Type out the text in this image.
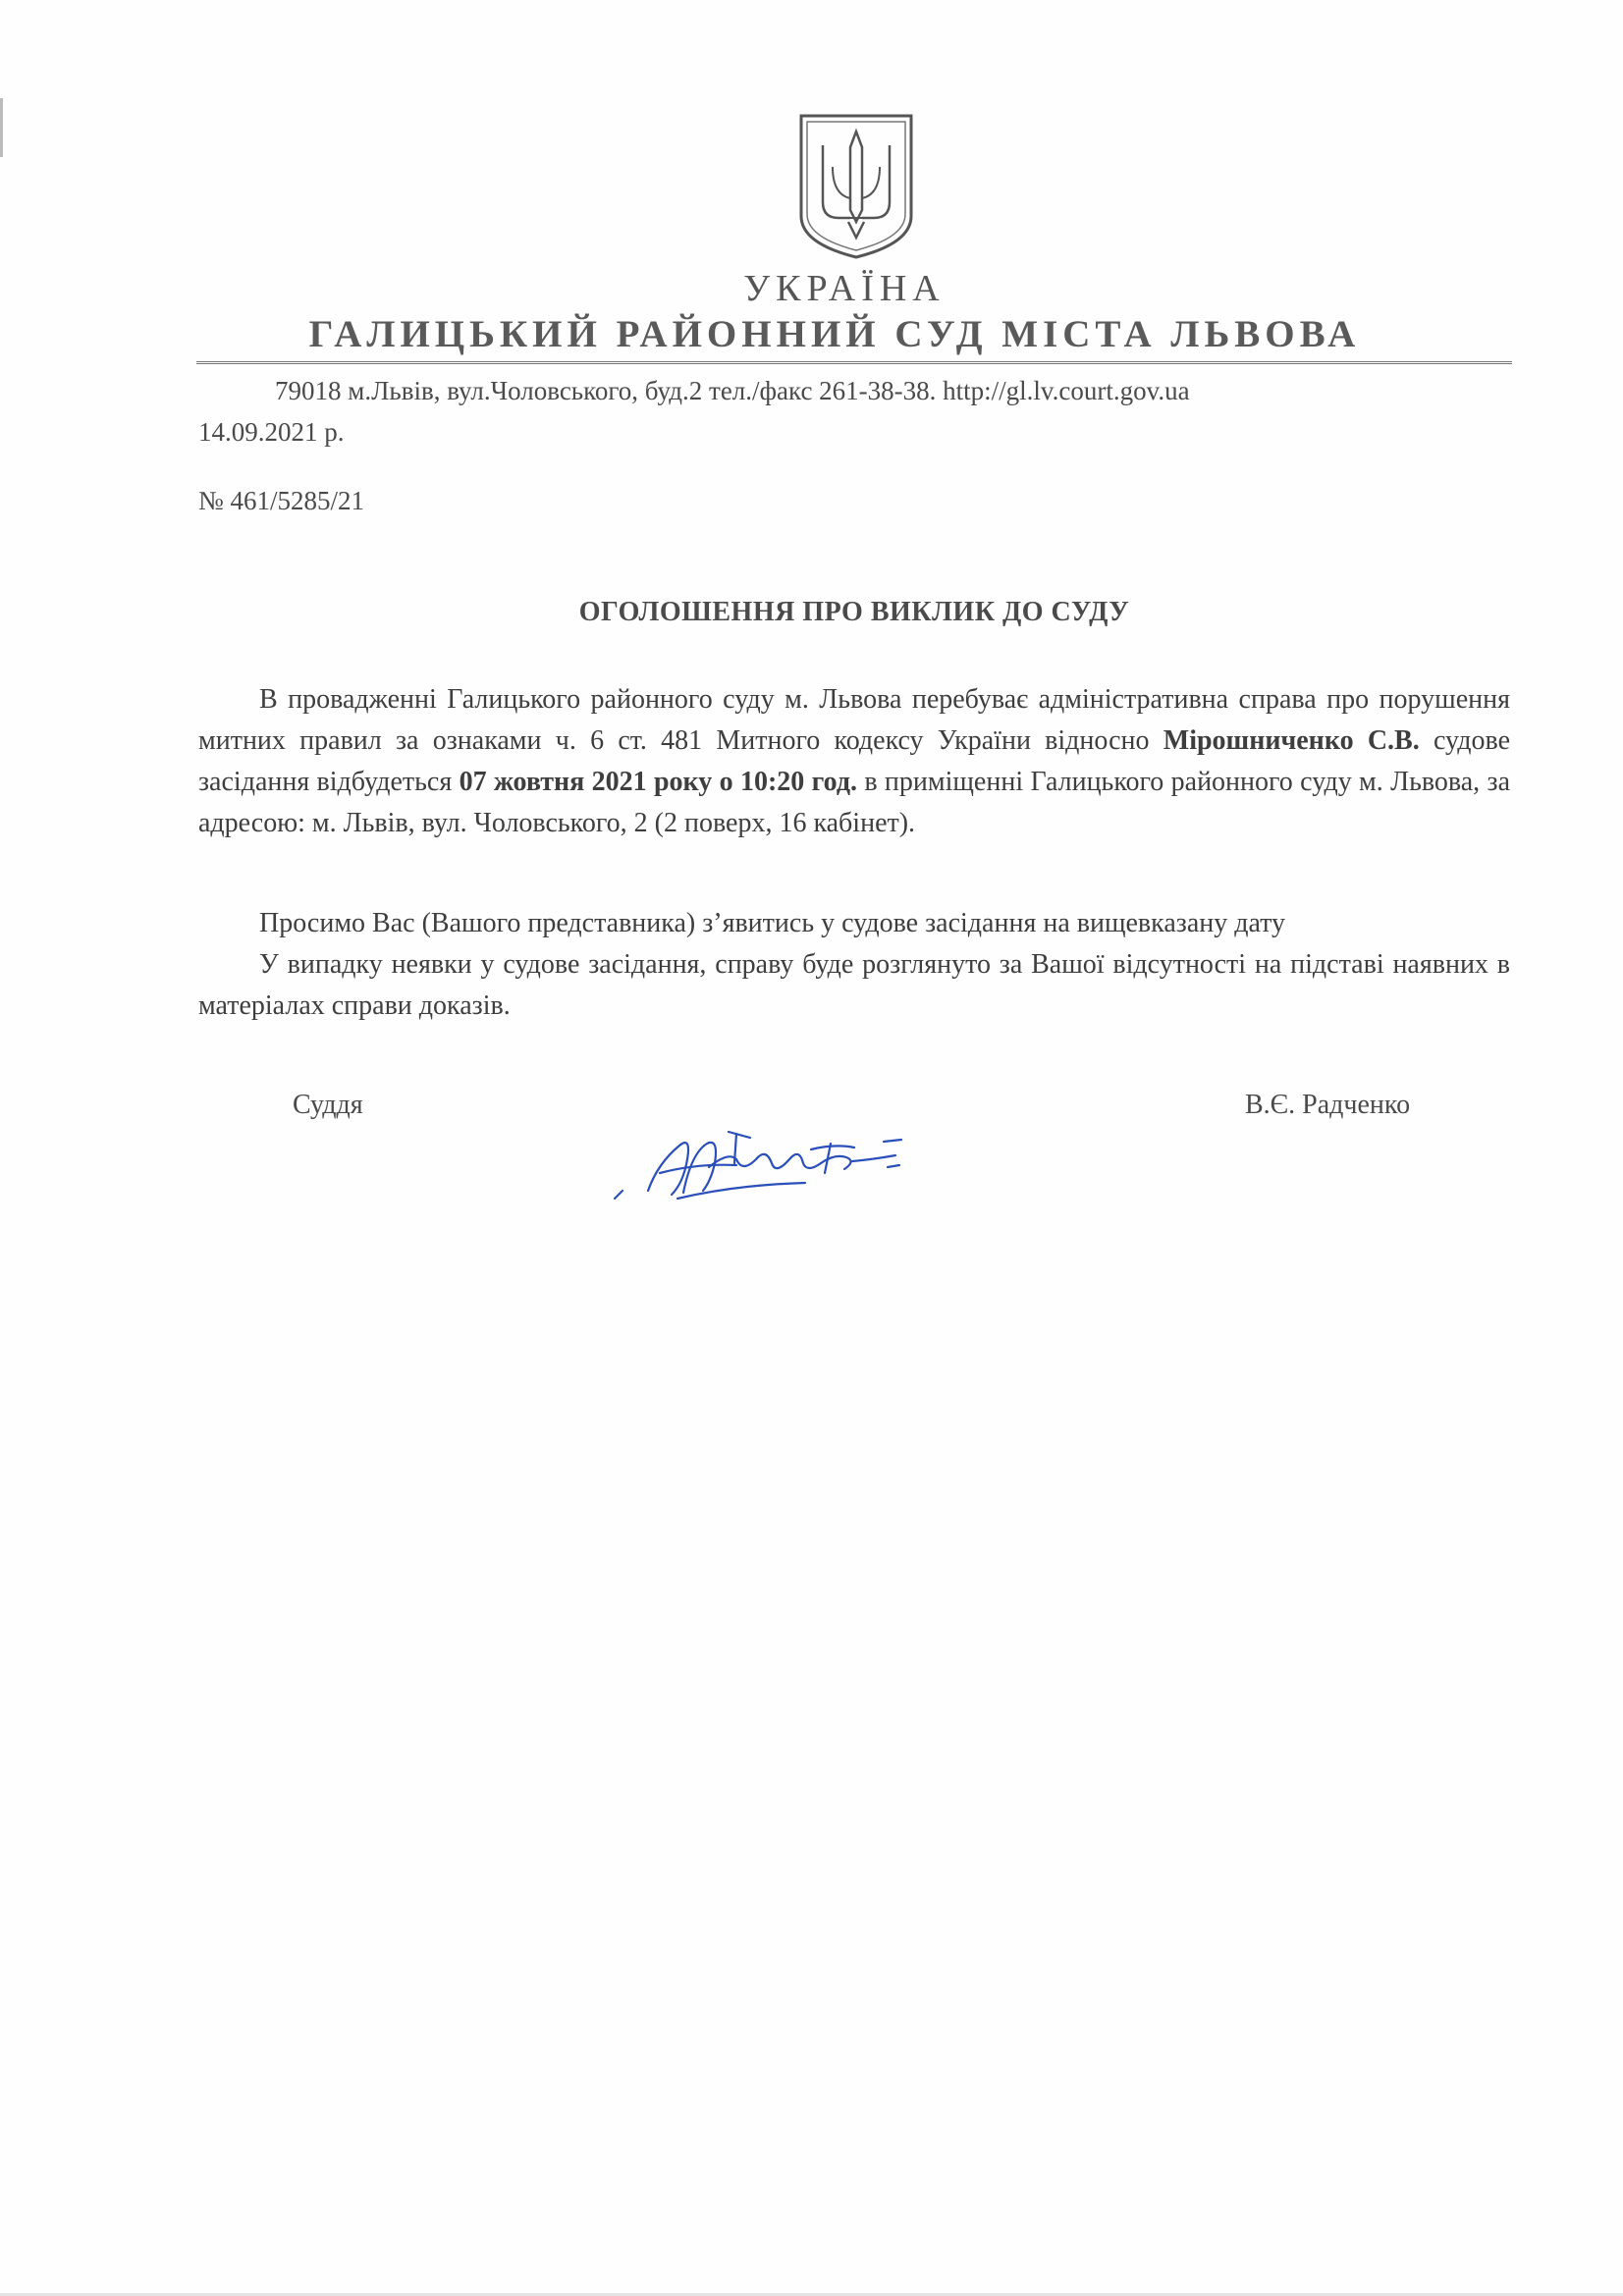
УКРАЇНА
ГАЛИЦЬКИЙ РАЙОННИЙ СУД МІСТА ЛЬВОВА
79018 м.Львів, вул.Чоловського, буд.2 тел./факс 261-38-38. http://gl.lv.court.gov.ua
14.09.2021 р.
№ 461/5285/21
ОГОЛОШЕННЯ ПРО ВИКЛИК ДО СУДУ
В провадженні Галицького районного суду м. Львова перебуває адміністративна справа про порушення митних правил за ознаками ч. 6 ст. 481 Митного кодексу України відносно Мірошниченко С.В. судове засідання відбудеться 07 жовтня 2021 року о 10:20 год. в приміщенні Галицького районного суду м. Львова, за адресою: м. Львів, вул. Чоловського, 2 (2 поверх, 16 кабінет).
Просимо Вас (Вашого представника) з’явитись у судове засідання на вищевказану дату
У випадку неявки у судове засідання, справу буде розглянуто за Вашої відсутності на підставі наявних в матеріалах справи доказів.
Суддя	В.Є. Радченко
